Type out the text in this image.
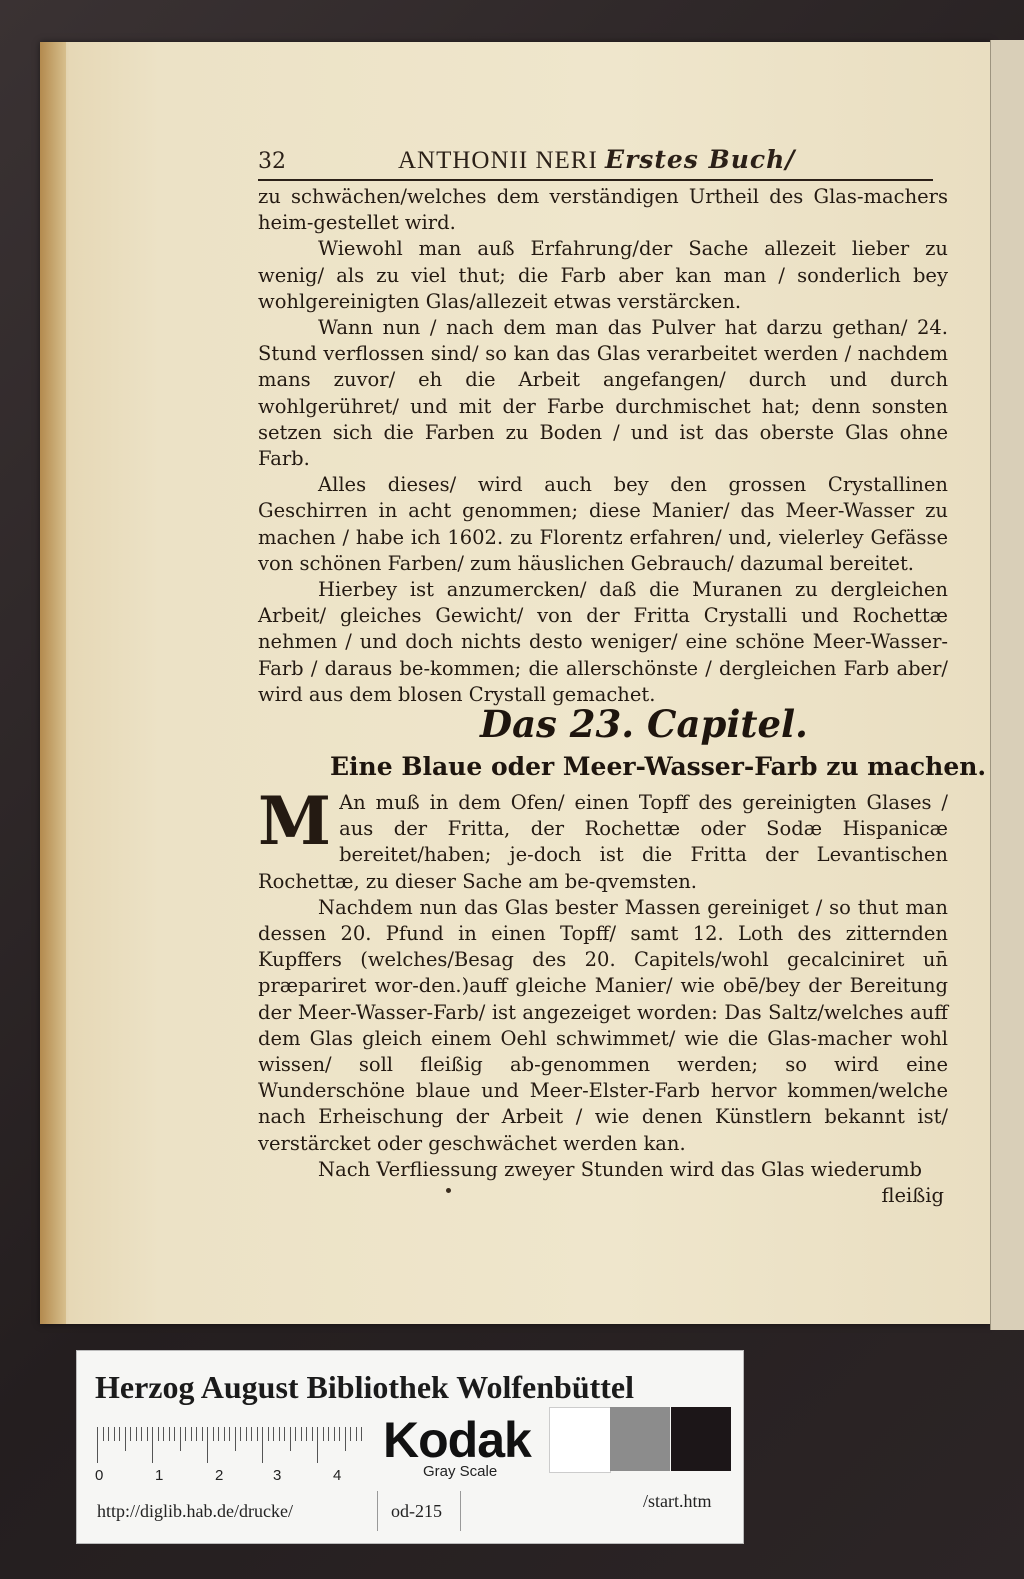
32	ANTHONII NERI Erstes Buch/

zu schwächen/welches dem verständigen Urtheil des Glas-machers heim-gestellet wird.

Wiewohl man auß Erfahrung/der Sache allezeit lieber zu wenig/ als zu viel thut; die Farb aber kan man / sonderlich bey wohlgereinigten Glas/allezeit etwas verstärcken.

Wann nun / nach dem man das Pulver hat darzu gethan/ 24. Stund verflossen sind/ so kan das Glas verarbeitet werden / nachdem mans zuvor/ eh die Arbeit angefangen/ durch und durch wohlgerühret/ und mit der Farbe durchmischet hat; denn sonsten setzen sich die Farben zu Boden / und ist das oberste Glas ohne Farb.

Alles dieses/ wird auch bey den grossen Crystallinen Geschirren in acht genommen; diese Manier/ das Meer-Wasser zu machen / habe ich 1602. zu Florentz erfahren/ und, vielerley Gefässe von schönen Farben/ zum häuslichen Gebrauch/ dazumal bereitet.

Hierbey ist anzumercken/ daß die Muranen zu dergleichen Arbeit/ gleiches Gewicht/ von der Fritta Crystalli und Rochettæ nehmen / und doch nichts desto weniger/ eine schöne Meer-Wasser-Farb / daraus be-kommen; die allerschönste / dergleichen Farb aber/ wird aus dem blosen Crystall gemachet.

Das 23. Capitel.
Eine Blaue oder Meer-Wasser-Farb zu machen.

M An muß in dem Ofen/ einen Topff des gereinigten Glases / aus der Fritta, der Rochettæ oder Sodæ Hispanicæ bereitet/haben; je-doch ist die Fritta der Levantischen Rochettæ, zu dieser Sache am be-qvemsten.

Nachdem nun das Glas bester Massen gereiniget / so thut man dessen 20. Pfund in einen Topff/ samt 12. Loth des zitternden Kupffers (welches/Besag des 20. Capitels/wohl gecalciniret un̄ præpariret wor-den.)auff gleiche Manier/ wie obē/bey der Bereitung der Meer-Wasser-Farb/ ist angezeiget worden: Das Saltz/welches auff dem Glas gleich einem Oehl schwimmet/ wie die Glas-macher wohl wissen/ soll fleißig ab-genommen werden; so wird eine Wunderschöne blaue und Meer-Elster-Farb hervor kommen/welche nach Erheischung der Arbeit / wie denen Künstlern bekannt ist/ verstärcket oder geschwächet werden kan.

Nach Verfliessung zweyer Stunden wird das Glas wiederumb

fleißig

Herzog August Bibliothek Wolfenbüttel
0	1	2	3	4
Kodak
Gray Scale
http://diglib.hab.de/drucke/	od-215	/start.htm
